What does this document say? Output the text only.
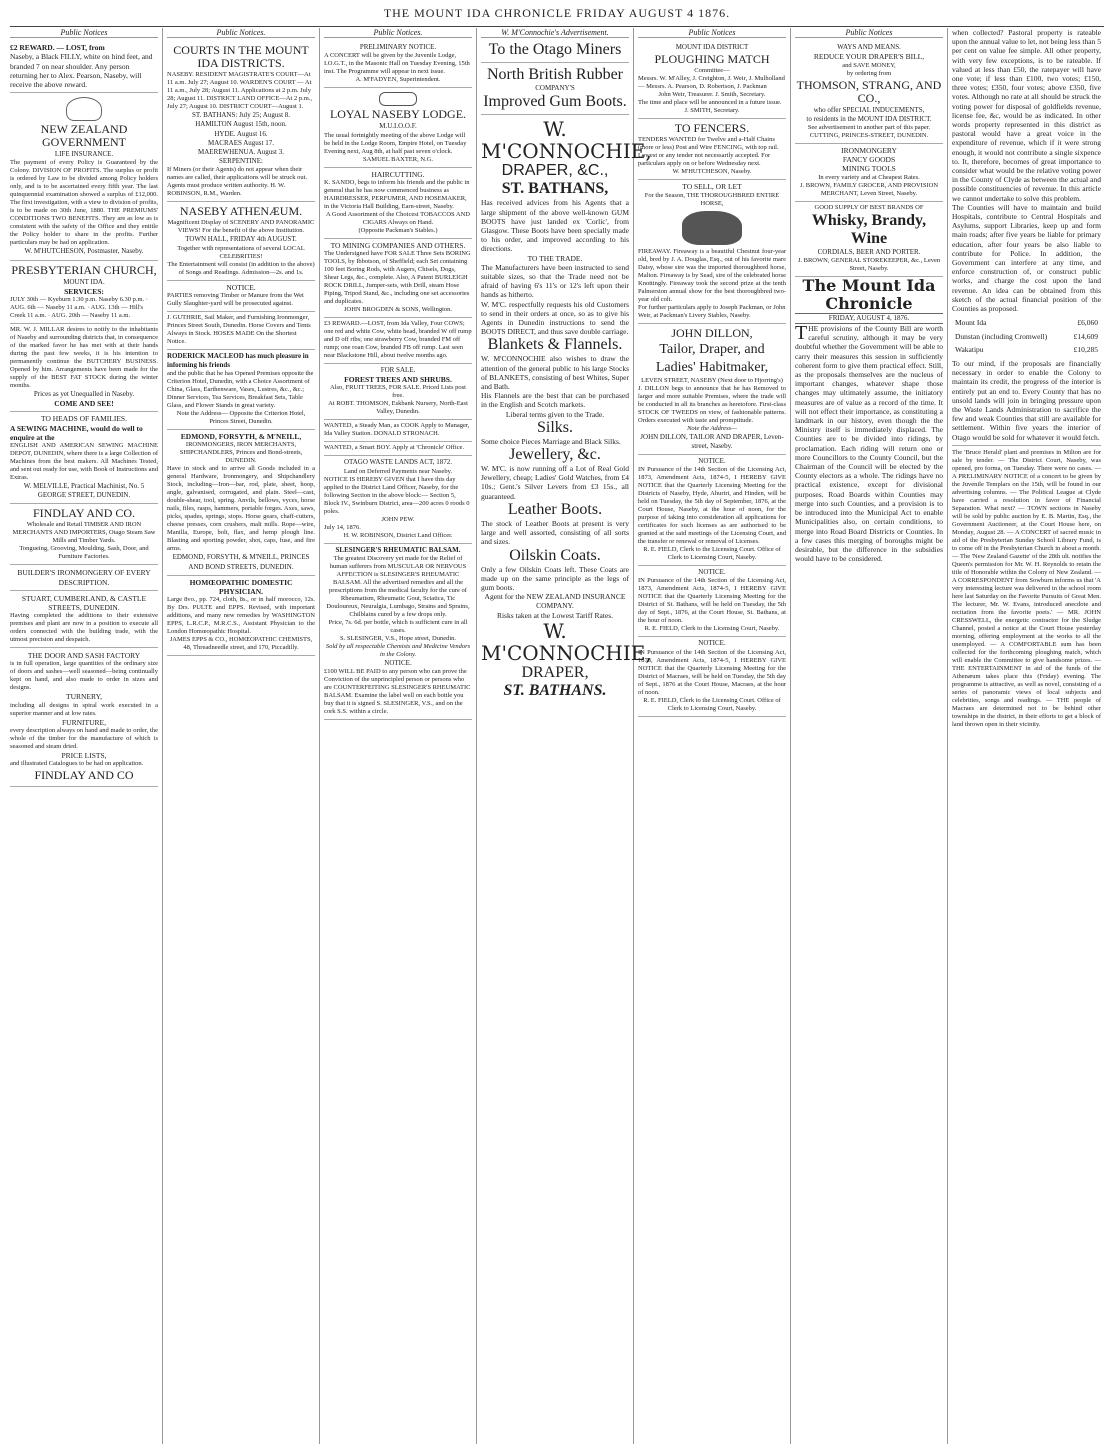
THE MOUNT IDA CHRONICLE FRIDAY AUGUST 4 1876.
Public Notices
£2 REWARD. — LOST, from
Naseby, a Black FILLY, white on hind feet, and branded 7 on near shoulder. Any person returning her to Alex. Pearson, Naseby, will receive the above reward.
NEW ZEALAND GOVERNMENT
LIFE INSURANCE.
The payment of every Policy is Guaranteed by the Colony. DIVISION OF PROFITS. The surplus or profit is ordered by Law to be divided among Policy holders only, and is to be ascertained every fifth year. The last quinquennial examination showed a surplus of £12,000. The first investigation, with a view to division of profits, is to be made on 30th June, 1880. THE PREMIUMS' CONDITIONS TWO BENEFITS. They are as low as is consistent with the safety of the Office and they entitle the Policy holder to share in the profits. Further particulars may be had on application.
W. M'HUTCHESON, Postmaster, Naseby.
PRESBYTERIAN CHURCH,
MOUNT IDA.
SERVICES:
JULY 30th — Kyeburn 1.30 p.m. Naseby 6.30 p.m. · AUG. 6th — Naseby 11 a.m. · AUG. 13th — Hill's Creek 11 a.m. · AUG. 20th — Naseby 11 a.m.
MR. W. J. MILLAR desires to notify to the inhabitants of Naseby and surrounding districts that, in consequence of the marked favor he has met with at their hands during the past few weeks, it is his intention to permanently continue the BUTCHERY BUSINESS. Opened by him. Arrangements have been made for the supply of the BEST FAT STOCK during the winter months.
Prices as yet Unequalled in Naseby.
COME AND SEE!
TO HEADS OF FAMILIES.
A SEWING MACHINE, would do well to enquire at the
ENGLISH AND AMERICAN SEWING MACHINE DEPOT, DUNEDIN, where there is a large Collection of Machines from the best makers. All Machines Tested, and sent out ready for use, with Book of Instructions and Extras.
W. MELVILLE, Practical Machinist, No. 5 GEORGE STREET, DUNEDIN.
FINDLAY AND CO.
Wholesale and Retail TIMBER AND IRON MERCHANTS AND IMPORTERS, Otago Steam Saw Mills and Timber Yards.
Tongueing, Grooving, Moulding, Sash, Door, and Furniture Factories.
BUILDER'S IRONMONGERY OF EVERY DESCRIPTION.
STUART, CUMBERLAND, & CASTLE STREETS, DUNEDIN.
Having completed the additions to their extensive premises and plant are now in a position to execute all orders connected with the building trade, with the utmost precision and despatch.
THE DOOR AND SASH FACTORY
is in full operation, large quantities of the ordinary size of doors and sashes—well seasoned—being continually kept on hand, and also made to order in sizes and designs.
TURNERY,
including all designs in spiral work executed in a superior manner and at low rates.
FURNITURE,
every description always on hand and made to order, the whole of the timber for the manufacture of which is seasoned and steam dried.
PRICE LISTS,
and illustrated Catalogues to be had on application.
FINDLAY AND CO
Public Notices.
COURTS IN THE MOUNT IDA DISTRICTS.
NASEBY. RESIDENT MAGISTRATE'S COURT—At 11 a.m. July 27; August 10. WARDEN'S COURT — At 11 a.m., July 28; August 11. Applications at 2 p.m. July 28; August 11. DISTRICT LAND OFFICE—At 2 p.m., July 27; August 10. DISTRICT COURT—August 1.
ST. BATHANS: July 25; August 8.
HAMILTON August 15th, noon.
HYDE. August 16.
MACRAES August 17.
MAEREWHENUA. August 3.
SERPENTINE:
If Miners (or their Agents) do not appear when their names are called, their applications will be struck out. Agents must produce written authority. H. W. ROBINSON, R.M., Warden.
NASEBY ATHENÆUM.
Magnificent Display of SCENERY AND PANORAMIC VIEWS! For the benefit of the above Institution.
TOWN HALL, FRIDAY 4th AUGUST.
Together with representations of several LOCAL CELEBRITIES!
The Entertainment will consist (in addition to the above) of Songs and Readings. Admission—2s. and 1s.
NOTICE.
PARTIES removing Timber or Manure from the Wet Gully Slaughter-yard will be prosecuted against.
J. GUTHRIE, Sail Maker, and Furnishing Ironmonger, Princes Street South, Dunedin. Horse Covers and Tents Always in Stock. HOSES MADE On the Shortest Notice.
RODERICK MACLEOD has much pleasure in informing his friends
and the public that he has Opened Premises opposite the Criterion Hotel, Dunedin, with a Choice Assortment of China, Glass, Earthenware, Vases, Lustres, &c., &c.; Dinner Services, Tea Services, Breakfast Sets, Table Glass, and Flower Stands in great variety.
Note the Address— Opposite the Criterion Hotel, Princes Street, Dunedin.
EDMOND, FORSYTH, & M'NEILL,
IRONMONGERS, IRON MERCHANTS, SHIPCHANDLERS, Princes and Bond-streets, DUNEDIN.
Have in stock and to arrive all Goods included in a general Hardware, Ironmongery, and Shipchandlery Stock, including—Iron—bar, rod, plate, sheet, hoop, angle, galvanised, corrugated, and plain. Steel—cast, double-shear, tool, spring. Anvils, bellows, vyces, horse nails, files, rasps, hammers, portable forges. Axes, saws, picks, spades, springs, stops. Horse gears, chaff-cutters, cheese presses, corn crushers, malt mills. Rope—wire, Manilla, Europe, bolt, flax, and hemp plough line. Blasting and sporting powder, shot, caps, fuse, and fire arms.
EDMOND, FORSYTH, & M'NEILL, PRINCES AND BOND STREETS, DUNEDIN.
HOMŒOPATHIC DOMESTIC PHYSICIAN.
Large 8vo., pp. 724, cloth, 8s., or in half morocco, 12s. By Drs. PULTE and EPPS. Revised, with important additions, and many new remedies by WASHINGTON EPPS, L.R.C.P., M.R.C.S., Assistant Physician to the London Homœopathic Hospital.
JAMES EPPS & CO., HOMŒOPATHIC CHEMISTS, 48, Threadneedle street, and 170, Piccadilly.
Public Notices.
PRELIMINARY NOTICE.
A CONCERT will be given by the Juvenile Lodge, I.O.G.T., in the Masonic Hall on Tuesday Evening, 15th inst. The Programme will appear in next issue.
A. M'FADYEN, Superintendent.
LOYAL NASEBY LODGE.
M.U.I.O.O.F.
The usual fortnightly meeting of the above Lodge will be held in the Lodge Room, Empire Hotel, on Tuesday Evening next, Aug 8th, at half past seven o'clock.
SAMUEL BAXTER, N.G.
HAIRCUTTING.
K. SANDO, begs to inform his friends and the public in general that he has now commenced business as HAIRDRESSER, PERFUMER, AND HOSEMAKER, in the Victoria Hall Building, Earn-street, Naseby.
A Good Assortment of the Choicest TOBACCOS AND CIGARS Always on Hand.
(Opposite Packman's Stables.)
TO MINING COMPANIES AND OTHERS.
The Undersigned have FOR SALE Three Sets BORING TOOLS, by Ibbotson, of Sheffield; each Set containing 100 feet Boring Rods, with Augers, Chisels, Dogs, Shear Legs, &c., complete. Also, A Patent BURLEIGH ROCK DRILL, Jumper-sets, with Drill, steam Hose Piping, Tripod Stand, &c., including one set accessories and duplicates.
JOHN BROGDEN & SONS, Wellington.
£3 REWARD.—LOST, from Ida Valley, Four COWS; one red and white Cow, white head, branded W off rump and D off ribs; one strawberry Cow, branded FM off rump; one roan Cow, branded FB off rump. Last seen near Blackstone Hill, about twelve months ago.
FOR SALE.
FOREST TREES AND SHRUBS.
Also, FRUIT TREES, FOR SALE. Priced Lists post free.
At ROBT. THOMSON, Eskbank Nursery, North-East Valley, Dunedin.
WANTED, a Steady Man, as COOK Apply to Manager, Ida Valley Station. DONALD STRONACH.
WANTED, a Smart BOY. Apply at 'Chronicle' Office.
OTAGO WASTE LANDS ACT, 1872.
Land on Deferred Payments near Naseby.
NOTICE IS HEREBY GIVEN that I have this day applied to the District Land Officer, Naseby, for the following Section in the above block:— Section 5, Block IV., Swinburn District, area—200 acres 0 roods 0 poles.
JOHN PEW.
July 14, 1876.
H. W. ROBINSON, District Land Officer.
SLESINGER'S RHEUMATIC BALSAM.
The greatest Discovery yet made for the Relief of human sufferers from MUSCULAR OR NERVOUS AFFECTION is SLESINGER'S RHEUMATIC BALSAM. All the advertised remedies and all the prescriptions from the medical faculty for the cure of Rheumatism, Rheumatic Gout, Sciatica, Tic Douloureux, Neuralgia, Lumbago, Strains and Sprains, Chilblains cured by a few drops only.
Price, 7s. 6d. per bottle, which is sufficient cure in all cases.
S. SLESINGER, V.S., Hope street, Dunedin.
Sold by all respectable Chemists and Medicine Vendors in the Colony.
NOTICE.
£100 WILL BE PAID to any person who can prove the Conviction of the unprincipled person or persons who are COUNTERFEITING SLESINGER'S RHEUMATIC BALSAM. Examine the label well on each bottle you buy that it is signed S. SLESINGER, V.S., and on the cork S.S. within a circle.
W. M'Connochie's Advertisement.
To the Otago Miners
North British Rubber
COMPANY'S
Improved Gum Boots.
W. M'CONNOCHIE,
DRAPER, &C.,
ST. BATHANS,
Has received advices from his Agents that a large shipment of the above well-known GUM BOOTS have just landed ex 'Corlic', from Glasgow. These Boots have been specially made to his order, and improved according to his directions.
TO THE TRADE.
The Manufacturers have been instructed to send suitable sizes, so that the Trade need not be afraid of having 6's 11's or 12's left upon their hands as hitherto.
W. M'C. respectfully requests his old Customers to send in their orders at once, so as to give his Agents in Dunedin instructions to send the BOOTS DIRECT, and thus save double carriage.
Blankets & Flannels.
W. M'CONNOCHIE also wishes to draw the attention of the general public to his large Stocks of BLANKETS, consisting of best Whites, Super and Bath.
His Flannels are the best that can be purchased in the English and Scotch markets.
Liberal terms given to the Trade.
Silks.
Some choice Pieces Marriage and Black Silks.
Jewellery, &c.
W. M'C. is now running off a Lot of Real Gold Jewellery, cheap; Ladies' Gold Watches, from £4 10s.; Gent.'s Silver Levers from £3 15s., all guaranteed.
Leather Boots.
The stock of Leather Boots at present is very large and well assorted, consisting of all sorts and sizes.
Oilskin Coats.
Only a few Oilskin Coats left. These Coats are made up on the same principle as the legs of gum boots.
Agent for the NEW ZEALAND INSURANCE COMPANY.
Risks taken at the Lowest Tariff Rates.
W. M'CONNOCHIE,
DRAPER,
ST. BATHANS.
Public Notices
MOUNT IDA DISTRICT
PLOUGHING MATCH
Committee—
Messrs. W. M'Alley, J. Creighton, J. Weir, J. Mulholland — Messrs. A. Pearson, D. Robertson, J. Packman
John Weir, Treasurer. J. Smith, Secretary.
The time and place will be announced in a future issue.
J. SMITH, Secretary.
TO FENCERS.
TENDERS WANTED for Twelve and a-Half Chains (more or less) Post and Wire FENCING, with top rail. Lowest or any tender not necessarily accepted. For particulars apply on or before Wednesday next.
W. M'HUTCHESON, Naseby.
TO SELL, OR LET
For the Season, THE THOROUGHBRED ENTIRE HORSE,
FIREAWAY. Fireaway is a beautiful Chestnut four-year old, bred by J. A. Douglas, Esq., out of his favorite mare Daisy, whose sire was the imported thoroughbred horse, Malton. Fireaway is by Sead, sire of the celebrated horse Knottingly. Fireaway took the second prize at the tenth Palmerston annual show for the best thoroughbred two-year old colt.
For further particulars apply to Joseph Packman, or John Weir, at Packman's Livery Stables, Naseby.
JOHN DILLON,
Tailor, Draper, and Ladies' Habitmaker,
LEVEN STREET, NASEBY (Next door to Hjorring's)
J. DILLON begs to announce that he has Removed to larger and more suitable Premises, where the trade will be conducted in all its branches as heretofore. First-class STOCK OF TWEEDS on view, of fashionable patterns. Orders executed with taste and promptitude.
Note the Address—
JOHN DILLON, TAILOR AND DRAPER, Leven-street, Naseby.
NOTICE.
IN Pursuance of the 14th Section of the Licensing Act, 1873, Amendment Acts, 1874-5, I HEREBY GIVE NOTICE that the Quarterly Licensing Meeting for the Districts of Naseby, Hyde, Ahuriri, and Hinden, will be held on Tuesday, the 5th day of September, 1876, at the Court House, Naseby, at the hour of noon, for the purpose of taking into consideration all applications for certificates for such licenses as are authorised to be granted at the said meetings of the Licensing Court, and the transfer or renewal or removal of Licenses.
R. E. FIELD, Clerk to the Licensing Court. Office of Clerk to Licensing Court, Naseby.
NOTICE.
IN Pursuance of the 14th Section of the Licensing Act, 1873, Amendment Acts, 1874-5, I HEREBY GIVE NOTICE that the Quarterly Licensing Meeting for the District of St. Bathans, will be held on Tuesday, the 5th day of Sept., 1876, at the Court House, St. Bathans, at the hour of noon.
R. E. FIELD, Clerk to the Licensing Court, Naseby.
NOTICE.
IN Pursuance of the 14th Section of the Licensing Act, 1873, Amendment Acts, 1874-5, I HEREBY GIVE NOTICE that the Quarterly Licensing Meeting for the District of Macraes, will be held on Tuesday, the 5th day of Sept., 1876 at the Court House, Macraes, at the hour of noon.
R. E. FIELD, Clerk to the Licensing Court. Office of Clerk to Licensing Court, Naseby.
Public Notices
WAYS AND MEANS.
REDUCE YOUR DRAPER'S BILL,
and SAVE MONEY,
by ordering from
THOMSON, STRANG, AND CO.,
who offer SPECIAL INDUCEMENTS,
to residents in the MOUNT IDA DISTRICT.
See advertisement in another part of this paper.
CUTTING, PRINCES-STREET, DUNEDIN.
IRONMONGERY
FANCY GOODS
MINING TOOLS
In every variety and at Cheapest Rates.
J. BROWN, FAMILY GROCER, AND PROVISION MERCHANT, Leven Street, Naseby.
GOOD SUPPLY OF BEST BRANDS OF
Whisky, Brandy, Wine
CORDIALS, BEER AND PORTER.
J. BROWN, GENERAL STOREKEEPER, &c., Leven Street, Naseby.
The Mount Ida Chronicle
FRIDAY, AUGUST 4, 1876.
THE provisions of the County Bill are worth careful scrutiny, although it may be very doubtful whether the Government will be able to carry their measures this session in sufficiently coherent form to give them practical effect. Still, as the proposals themselves are the nucleus of important changes, whatever shape those changes may ultimately assume, the initiatory measures are of value as a record of the time. It will not effect their importance, as constituting a landmark in our history, even though the the Ministry itself is immediately displaced. The Counties are to be divided into ridings, by proclamation. Each riding will return one or more Councillors to the County Council, but the Chairman of the Council will be elected by the County electors as a whole. The ridings have no practical existence, except for divisional purposes. Road Boards within Counties may merge into such Counties, and a provision is to be introduced into the Municipal Act to enable Municipalities also, on certain conditions, to merge into Road Board Districts or Counties. In a few cases this merging of boroughs might be desirable, but the difference in the subsidies would have to be considered.
when collected? Pastoral property is rateable upon the annual value to let, not being less than 5 per cent on value fee simple. All other property, with very few exceptions, is to be rateable. If valued at less than £50, the ratepayer will have one vote; if less than £100, two votes; £150, three votes; £350, four votes; above £350, five votes. Although no rate at all should be struck the voting power for disposal of goldfields revenue, license fee, &c, would be as indicated. In other words property represented in this district as pastoral would have a great voice in the expenditure of revenue, which if it were strong enough, it would not contribute a single sixpence to. It, therefore, becomes of great importance to consider what would be the relative voting power in the County of Clyde as between the actual and possible constituencies of revenue. In this article we cannot undertake to solve this problem.
The Counties will have to maintain and build Hospitals, contribute to Central Hospitals and Asylums, support Libraries, keep up and form main roads; after five years be liable for primary education, after four years be also liable to contribute for Police. In addition, the Government can interfere at any time, and enforce construction of, or construct public works, and charge the cost upon the land revenue. An idea can be obtained from this sketch of the actual financial position of the Counties as proposed.
Mount Ida	£6,060
Dunstan (including Cromwell)	£14,609
Wakatipu	£10,285
To our mind, if the proposals are financially necessary in order to enable the Colony to maintain its credit, the progress of the interior is entirely put an end to. Every County that has no unsold lands will join in bringing pressure upon the Waste Lands Administration to sacrifice the few and weak Counties that still are available for settlement. Within five years the interior of Otago would be sold for whatever it would fetch.
The 'Bruce Herald' plant and premises in Milton are for sale by tender. — The District Court, Naseby, was opened, pro forma, on Tuesday. There were no cases. — A PRELIMINARY NOTICE of a concert to be given by the Juvenile Templars on the 15th, will be found in our advertising columns. — The Political League at Clyde have carried a resolution in favor of Financial Separation. What next? — TOWN sections in Naseby will be sold by public auction by E. B. Martin, Esq., the Government Auctioneer, at the Court House here, on Monday, August 28. — A CONCERT of sacred music in aid of the Presbyterian Sunday School Library Fund, is to come off in the Presbyterian Church in about a month. — The 'New Zealand Gazette' of the 28th ult. notifies the Queen's permission for Mr. W. H. Reynolds to retain the title of Honorable within the Colony of New Zealand. — A CORRESPONDENT from Sowburn informs us that 'A very interesting lecture was delivered in the school room here last Saturday on the Favorite Pursuits of Great Men. The lecturer, Mr. W. Evans, introduced anecdote and recitation from the favorite poets.' — MR. JOHN CRESSWELL, the energetic contractor for the Sludge Channel, posted a notice at the Court House yesterday morning, offering employment at the works to all the unemployed. — A COMFORTABLE sum has been collected for the forthcoming ploughing match, which will enable the Committee to give handsome prizes. — THE ENTERTAINMENT in aid of the funds of the Athenæum takes place this (Friday) evening. The programme is attractive, as well as novel, consisting of a series of panoramic views of local subjects and celebrities, songs and readings. — THE people of Macraes are determined not to be behind other townships in the district, in their efforts to get a block of land thrown open in their vicinity.
